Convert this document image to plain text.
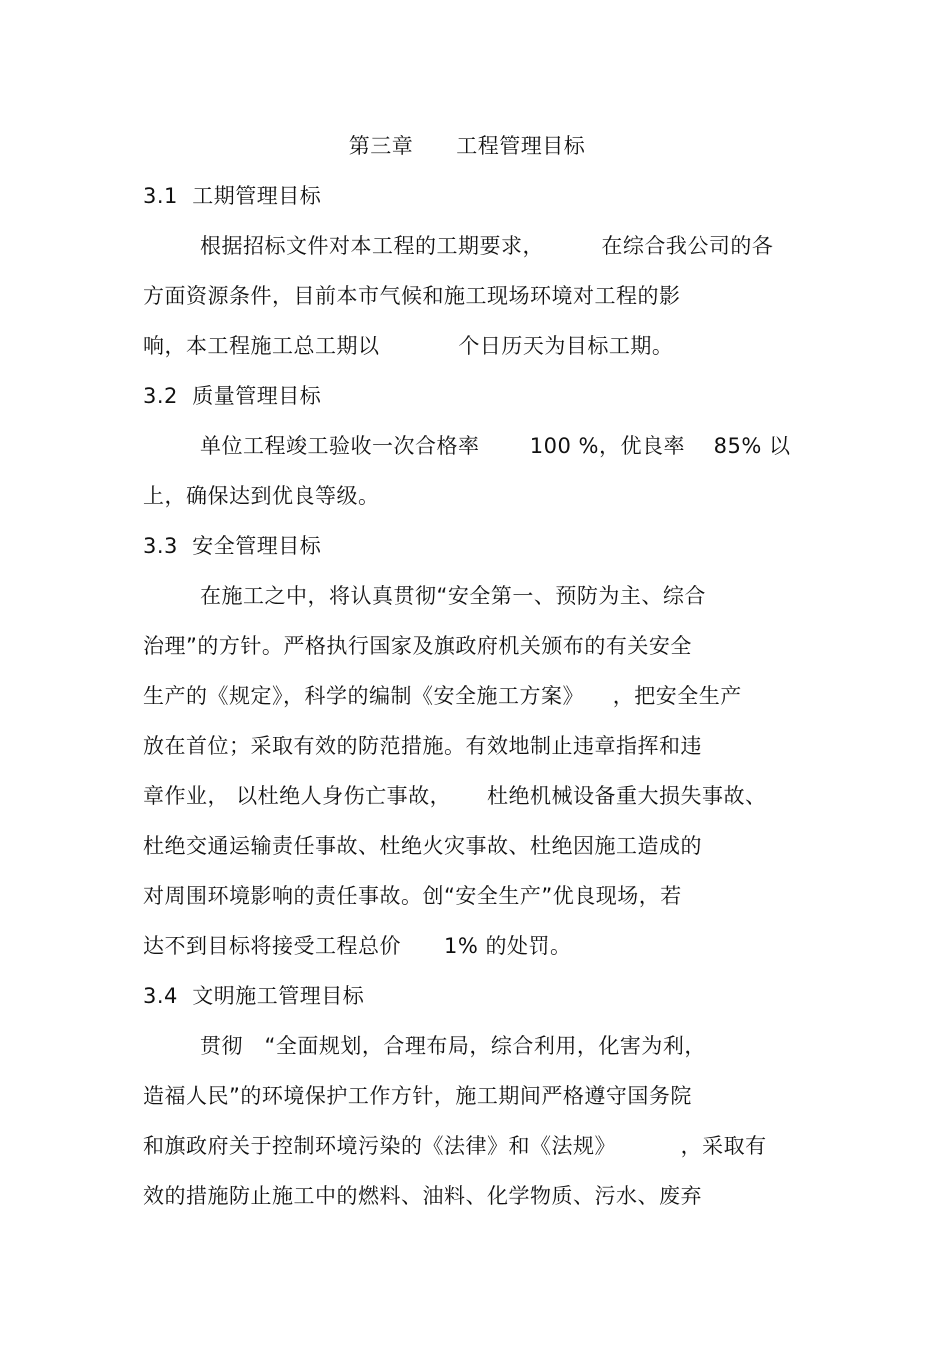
第三章      工程管理目标
3.1  工期管理目标
根据招标文件对本工程的工期要求，        在综合我公司的各
方面资源条件，目前本市气候和施工现场环境对工程的影
响，本工程施工总工期以           个日历天为目标工期。
3.2  质量管理目标
单位工程竣工验收一次合格率       100 %，优良率    85% 以
上，确保达到优良等级。
3.3  安全管理目标
在施工之中，将认真贯彻“安全第一、预防为主、综合
治理”的方针。严格执行国家及旗政府机关颁布的有关安全
生产的《规定》，科学的编制《安全施工方案》    ，把安全生产
放在首位；采取有效的防范措施。有效地制止违章指挥和违
章作业， 以杜绝人身伤亡事故，     杜绝机械设备重大损失事故、
杜绝交通运输责任事故、杜绝火灾事故、杜绝因施工造成的
对周围环境影响的责任事故。创“安全生产”优良现场，若
达不到目标将接受工程总价      1% 的处罚。
3.4  文明施工管理目标
贯彻   “全面规划，合理布局，综合利用，化害为利，
造福人民”的环境保护工作方针，施工期间严格遵守国务院
和旗政府关于控制环境污染的《法律》和《法规》         ，采取有
效的措施防止施工中的燃料、油料、化学物质、污水、废弃
